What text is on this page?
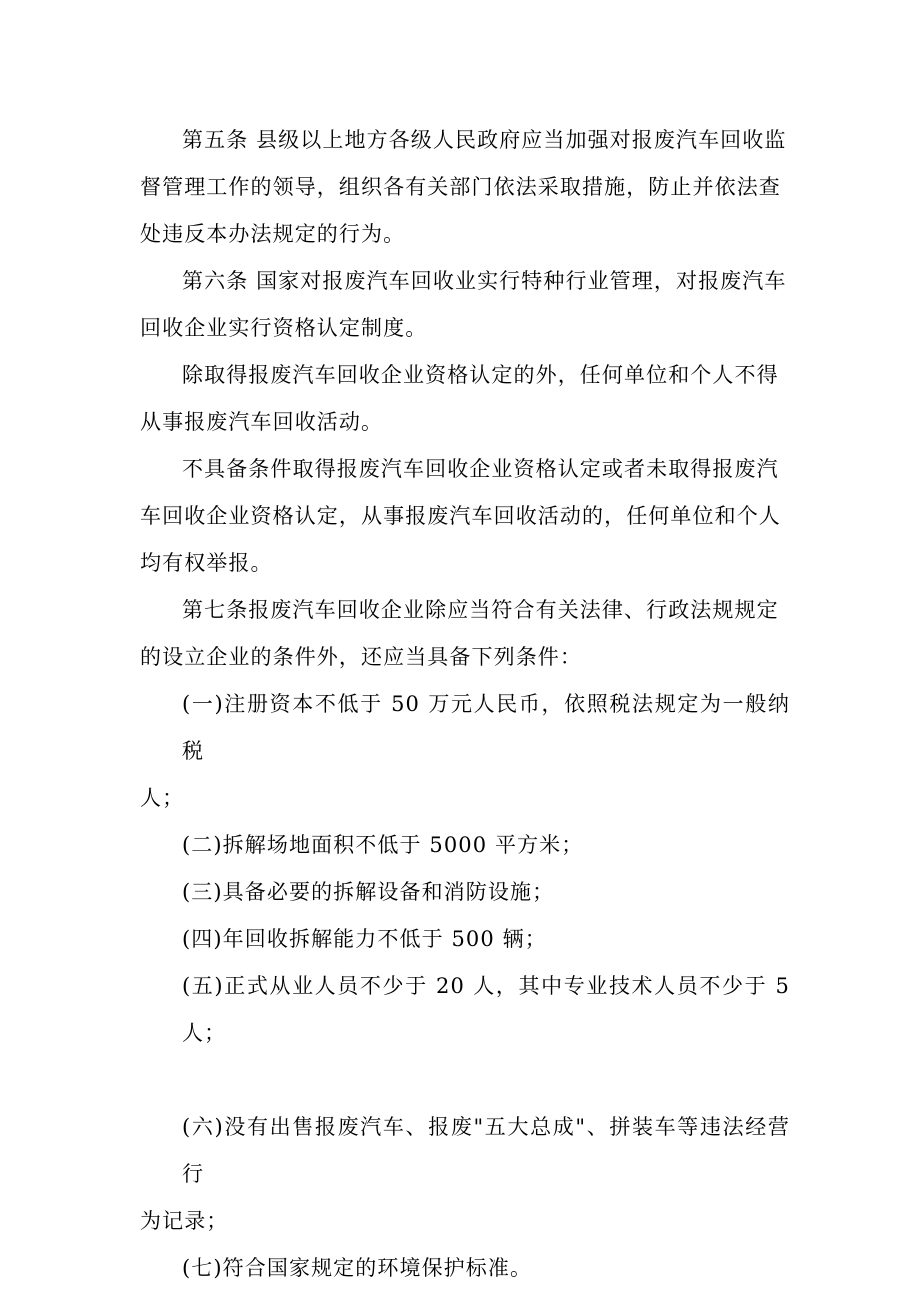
第五条 县级以上地方各级人民政府应当加强对报废汽车回收监
督管理工作的领导，组织各有关部门依法采取措施，防止并依法查
处违反本办法规定的行为。

第六条 国家对报废汽车回收业实行特种行业管理，对报废汽车
回收企业实行资格认定制度。

除取得报废汽车回收企业资格认定的外，任何单位和个人不得
从事报废汽车回收活动。

不具备条件取得报废汽车回收企业资格认定或者未取得报废汽
车回收企业资格认定，从事报废汽车回收活动的，任何单位和个人
均有权举报。

第七条报废汽车回收企业除应当符合有关法律、行政法规规定
的设立企业的条件外，还应当具备下列条件：

(一)注册资本不低于 50 万元人民币，依照税法规定为一般纳税
人；

(二)拆解场地面积不低于 5000 平方米；

(三)具备必要的拆解设备和消防设施；

(四)年回收拆解能力不低于 500 辆；

(五)正式从业人员不少于 20 人，其中专业技术人员不少于 5 人；

(六)没有出售报废汽车、报废"五大总成"、拼装车等违法经营行
为记录；

(七)符合国家规定的环境保护标准。
